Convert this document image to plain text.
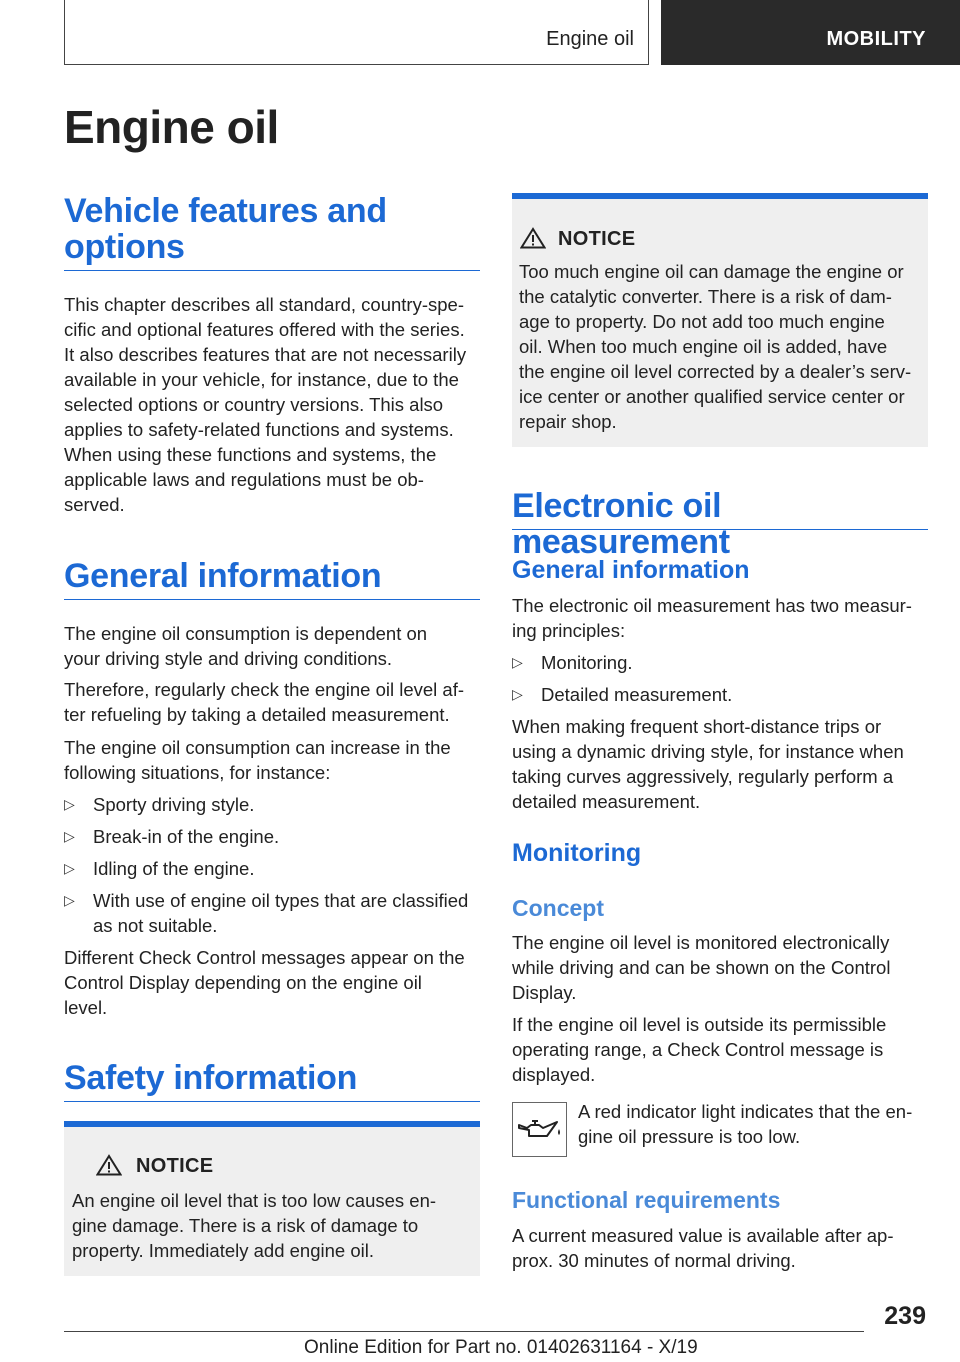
Engine oil	MOBILITY
Engine oil
Vehicle features and
options
This chapter describes all standard, country-spe‐
cific and optional features offered with the series.
It also describes features that are not necessarily
available in your vehicle, for instance, due to the
selected options or country versions. This also
applies to safety-related functions and systems.
When using these functions and systems, the
applicable laws and regulations must be ob‐
served.
General information
The engine oil consumption is dependent on
your driving style and driving conditions.
Therefore, regularly check the engine oil level af‐
ter refueling by taking a detailed measurement.
The engine oil consumption can increase in the
following situations, for instance:
▷ Sporty driving style.
▷ Break-in of the engine.
▷ Idling of the engine.
▷ With use of engine oil types that are classified
as not suitable.
Different Check Control messages appear on the
Control Display depending on the engine oil
level.
Safety information
NOTICE
An engine oil level that is too low causes en‐
gine damage. There is a risk of damage to
property. Immediately add engine oil.
NOTICE
Too much engine oil can damage the engine or
the catalytic converter. There is a risk of dam‐
age to property. Do not add too much engine
oil. When too much engine oil is added, have
the engine oil level corrected by a dealer’s serv‐
ice center or another qualified service center or
repair shop.
Electronic oil measurement
General information
The electronic oil measurement has two measur‐
ing principles:
▷ Monitoring.
▷ Detailed measurement.
When making frequent short-distance trips or
using a dynamic driving style, for instance when
taking curves aggressively, regularly perform a
detailed measurement.
Monitoring
Concept
The engine oil level is monitored electronically
while driving and can be shown on the Control
Display.
If the engine oil level is outside its permissible
operating range, a Check Control message is
displayed.
A red indicator light indicates that the en‐
gine oil pressure is too low.
Functional requirements
A current measured value is available after ap‐
prox. 30 minutes of normal driving.
239
Online Edition for Part no. 01402631164 - X/19
